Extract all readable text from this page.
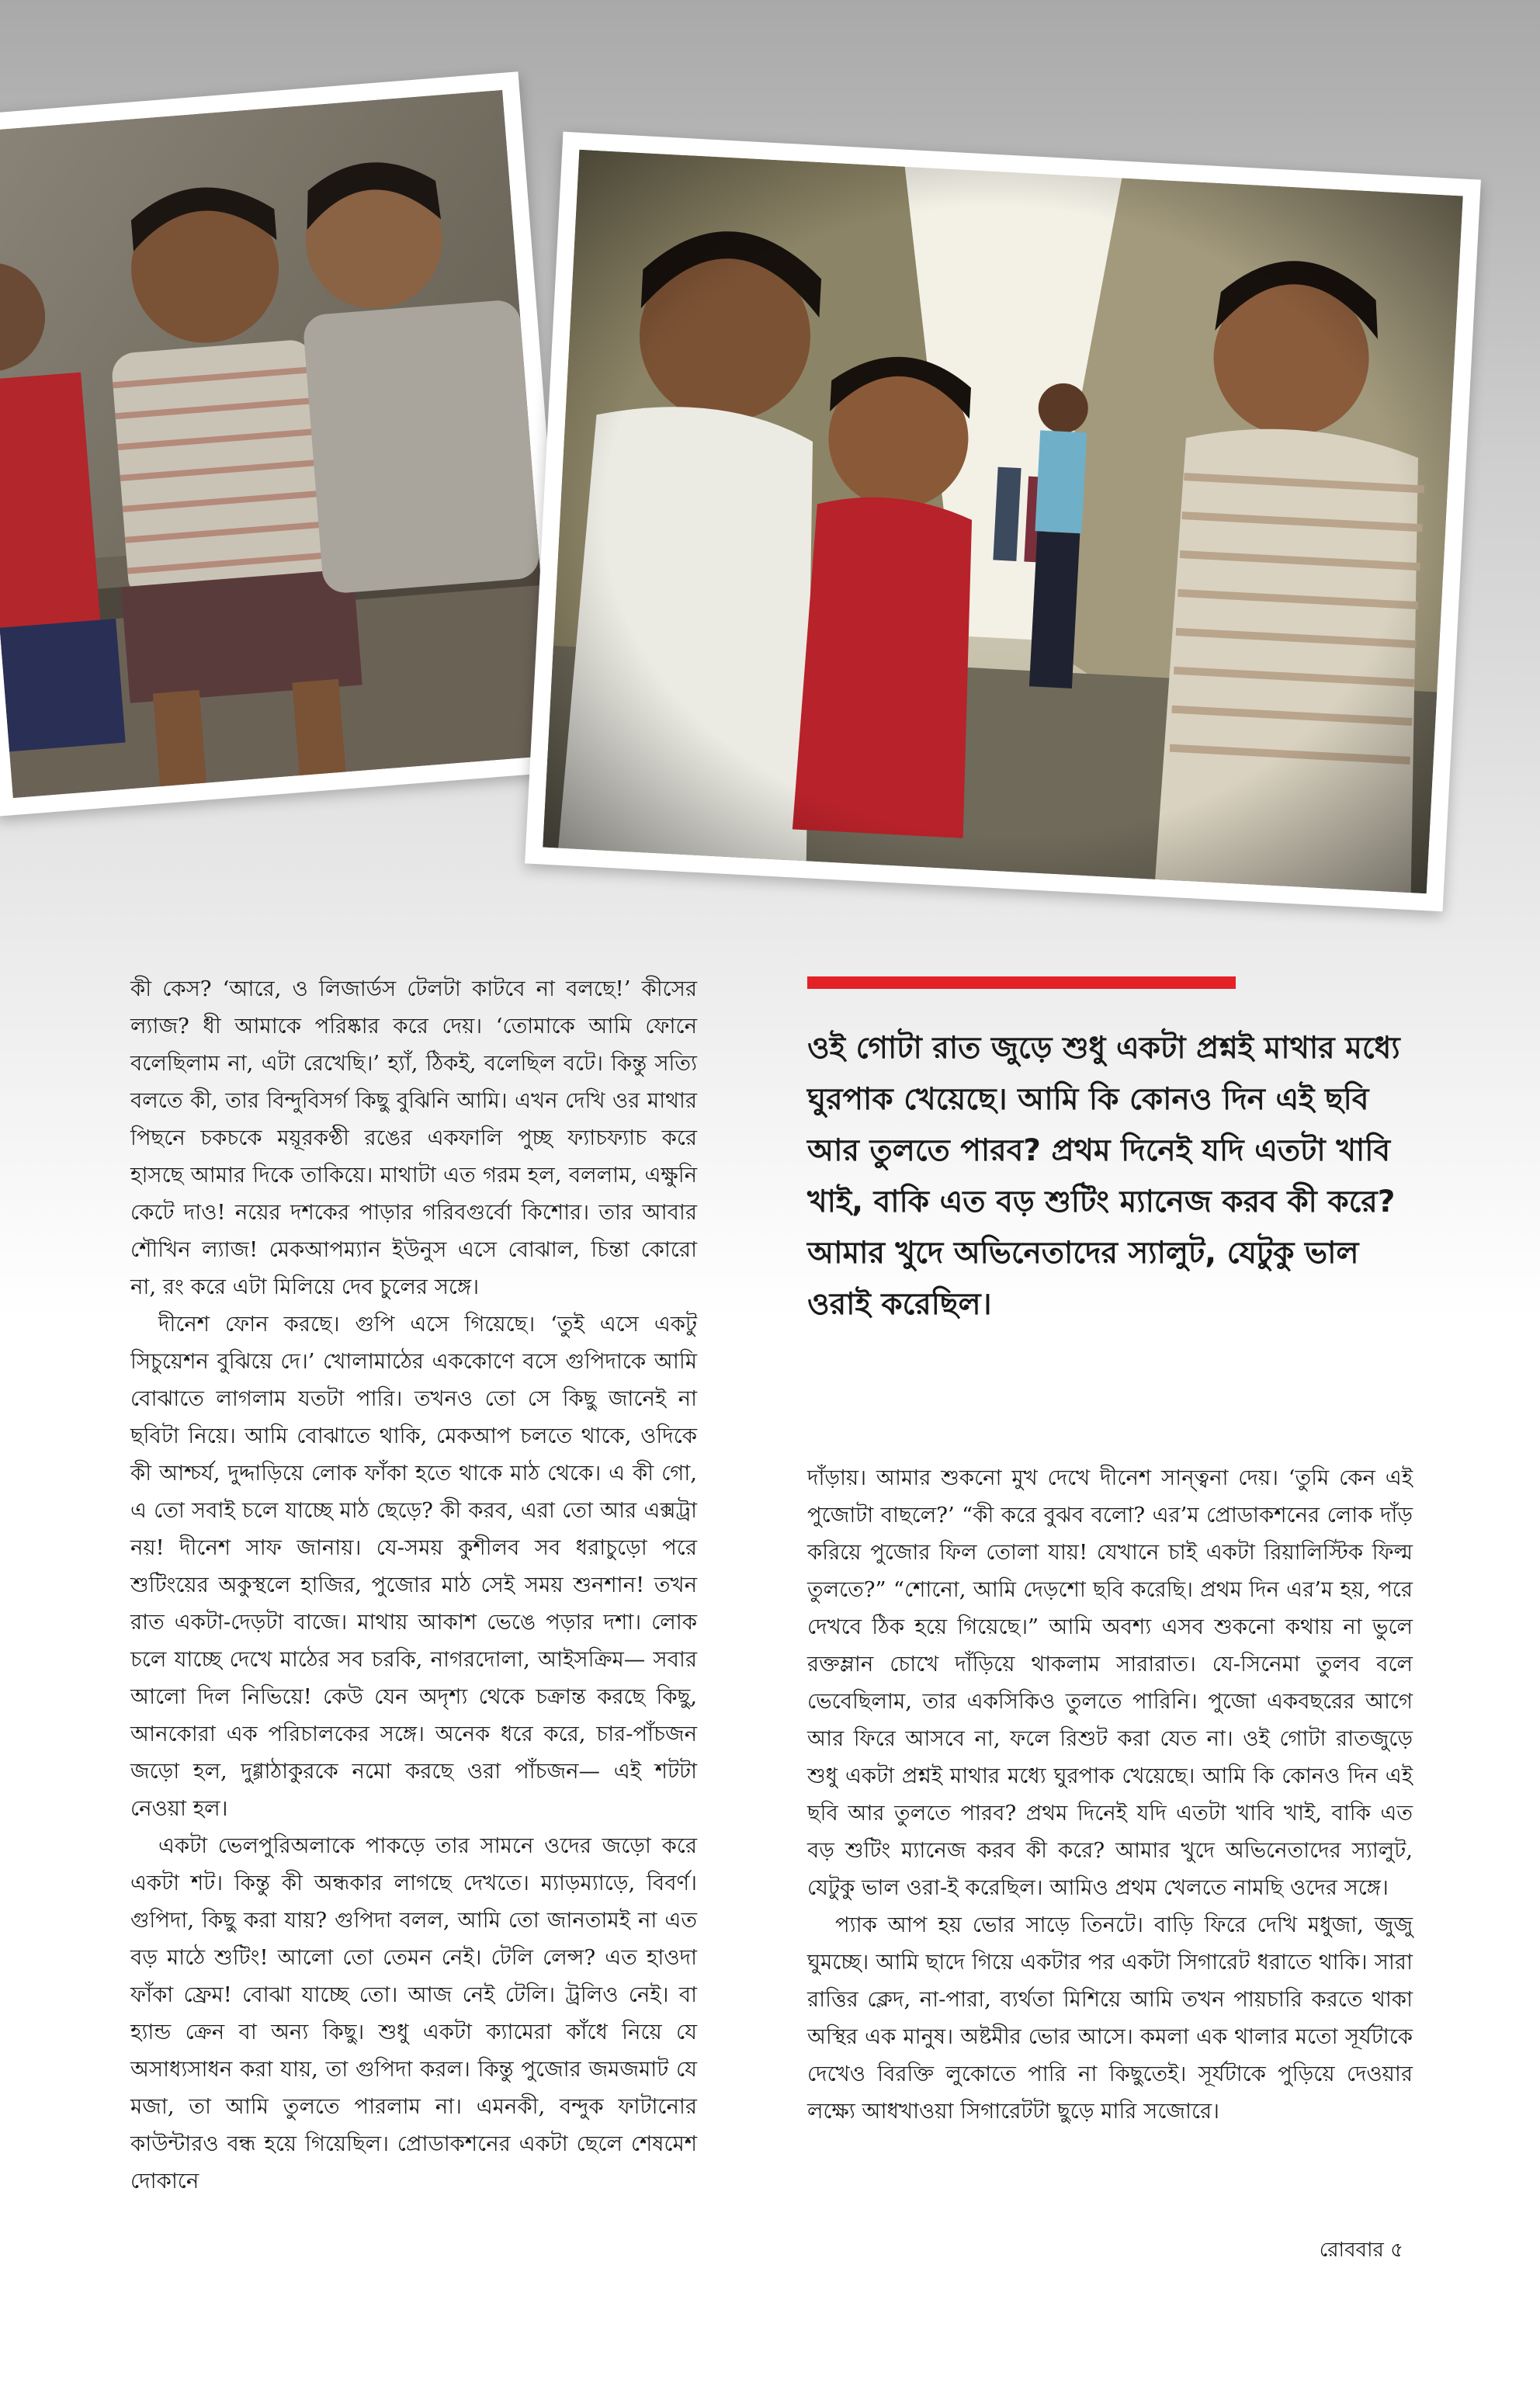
কী কেস? ‘আরে, ও লিজার্ডস টেলটা কাটবে না বলছে!’ কীসের ল্যাজ? ধী আমাকে পরিষ্কার করে দেয়। ‘তোমাকে আমি ফোনে বলেছিলাম না, এটা রেখেছি।’ হ্যাঁ, ঠিকই, বলেছিল বটে। কিন্তু সত্যি বলতে কী, তার বিন্দুবিসর্গ কিছু বুঝিনি আমি। এখন দেখি ওর মাথার পিছনে চকচকে ময়ূরকণ্ঠী রঙের একফালি পুচ্ছ ফ্যাচফ্যাচ করে হাসছে আমার দিকে তাকিয়ে। মাথাটা এত গরম হল, বললাম, এক্ষুনি কেটে দাও! নয়ের দশকের পাড়ার গরিবগুর্বো কিশোর। তার আবার শৌখিন ল্যাজ! মেকআপম্যান ইউনুস এসে বোঝাল, চিন্তা কোরো না, রং করে এটা মিলিয়ে দেব চুলের সঙ্গে।

দীনেশ ফোন করছে। গুপি এসে গিয়েছে। ‘তুই এসে একটু সিচুয়েশন বুঝিয়ে দে।’ খোলামাঠের এককোণে বসে গুপিদাকে আমি বোঝাতে লাগলাম যতটা পারি। তখনও তো সে কিছু জানেই না ছবিটা নিয়ে। আমি বোঝাতে থাকি, মেকআপ চলতে থাকে, ওদিকে কী আশ্চর্য, দুদ্দাড়িয়ে লোক ফাঁকা হতে থাকে মাঠ থেকে। এ কী গো, এ তো সবাই চলে যাচ্ছে মাঠ ছেড়ে? কী করব, এরা তো আর এক্সট্রা নয়! দীনেশ সাফ জানায়। যে-সময় কুশীলব সব ধরাচুড়ো পরে শুটিংয়ের অকুস্থলে হাজির, পুজোর মাঠ সেই সময় শুনশান! তখন রাত একটা-দেড়টা বাজে। মাথায় আকাশ ভেঙে পড়ার দশা। লোক চলে যাচ্ছে দেখে মাঠের সব চরকি, নাগরদোলা, আইসক্রিম— সবার আলো দিল নিভিয়ে! কেউ যেন অদৃশ্য থেকে চক্রান্ত করছে কিছু, আনকোরা এক পরিচালকের সঙ্গে। অনেক ধরে করে, চার-পাঁচজন জড়ো হল, দুগ্গাঠাকুরকে নমো করছে ওরা পাঁচজন— এই শটটা নেওয়া হল।

একটা ভেলপুরিঅলাকে পাকড়ে তার সামনে ওদের জড়ো করে একটা শট। কিন্তু কী অন্ধকার লাগছে দেখতে। ম্যাড়ম্যাড়ে, বিবর্ণ। গুপিদা, কিছু করা যায়? গুপিদা বলল, আমি তো জানতামই না এত বড় মাঠে শুটিং! আলো তো তেমন নেই। টেলি লেন্স? এত হাওদা ফাঁকা ফ্রেম! বোঝা যাচ্ছে তো। আজ নেই টেলি। ট্রলিও নেই। বা হ্যান্ড ক্রেন বা অন্য কিছু। শুধু একটা ক্যামেরা কাঁধে নিয়ে যে অসাধ্যসাধন করা যায়, তা গুপিদা করল। কিন্তু পুজোর জমজমাট যে মজা, তা আমি তুলতে পারলাম না। এমনকী, বন্দুক ফাটানোর কাউন্টারও বন্ধ হয়ে গিয়েছিল। প্রোডাকশনের একটা ছেলে শেষমেশ দোকানে

ওই গোটা রাত জুড়ে শুধু একটা প্রশ্নই মাথার মধ্যে ঘুরপাক খেয়েছে। আমি কি কোনও দিন এই ছবি আর তুলতে পারব? প্রথম দিনেই যদি এতটা খাবি খাই, বাকি এত বড় শুটিং ম্যানেজ করব কী করে? আমার খুদে অভিনেতাদের স্যালুট, যেটুকু ভাল ওরাই করেছিল।

দাঁড়ায়। আমার শুকনো মুখ দেখে দীনেশ সান্ত্বনা দেয়। ‘তুমি কেন এই পুজোটা বাছলে?’ “কী করে বুঝব বলো? এর’ম প্রোডাকশনের লোক দাঁড় করিয়ে পুজোর ফিল তোলা যায়! যেখানে চাই একটা রিয়ালিস্টিক ফিল্ম তুলতে?” “শোনো, আমি দেড়শো ছবি করেছি। প্রথম দিন এর’ম হয়, পরে দেখবে ঠিক হয়ে গিয়েছে।” আমি অবশ্য এসব শুকনো কথায় না ভুলে রক্তম্লান চোখে দাঁড়িয়ে থাকলাম সারারাত। যে-সিনেমা তুলব বলে ভেবেছিলাম, তার একসিকিও তুলতে পারিনি। পুজো একবছরের আগে আর ফিরে আসবে না, ফলে রিশুট করা যেত না। ওই গোটা রাতজুড়ে শুধু একটা প্রশ্নই মাথার মধ্যে ঘুরপাক খেয়েছে। আমি কি কোনও দিন এই ছবি আর তুলতে পারব? প্রথম দিনেই যদি এতটা খাবি খাই, বাকি এত বড় শুটিং ম্যানেজ করব কী করে? আমার খুদে অভিনেতাদের স্যালুট, যেটুকু ভাল ওরা-ই করেছিল। আমিও প্রথম খেলতে নামছি ওদের সঙ্গে।

প্যাক আপ হয় ভোর সাড়ে তিনটে। বাড়ি ফিরে দেখি মধুজা, জুজু ঘুমচ্ছে। আমি ছাদে গিয়ে একটার পর একটা সিগারেট ধরাতে থাকি। সারা রাত্তির ক্লেদ, না-পারা, ব্যর্থতা মিশিয়ে আমি তখন পায়চারি করতে থাকা অস্থির এক মানুষ। অষ্টমীর ভোর আসে। কমলা এক থালার মতো সূর্যটাকে দেখেও বিরক্তি লুকোতে পারি না কিছুতেই। সূর্যটাকে পুড়িয়ে দেওয়ার লক্ষ্যে আধখাওয়া সিগারেটটা ছুড়ে মারি সজোরে।

রোববার ৫
